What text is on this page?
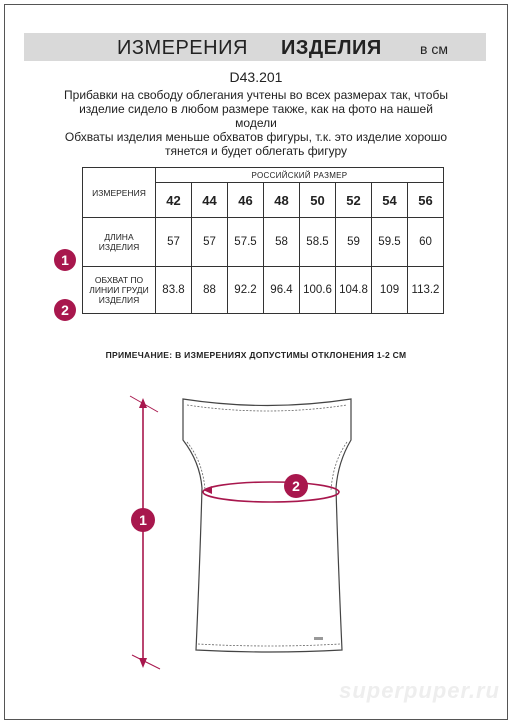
ИЗМЕРЕНИЯ ИЗДЕЛИЯ	в см
D43.201
Прибавки на свободу облегания учтены во всех размерах так, чтобы изделие сидело в любом размере также, как на фото на нашей модели
Обхваты изделия меньше обхватов фигуры, т.к. это изделие хорошо тянется и будет облегать фигуру
ИЗМЕРЕНИЯ	РОССИЙСКИЙ РАЗМЕР							
	42	44	46	48	50	52	54	56
ДЛИНА ИЗДЕЛИЯ	57	57	57.5	58	58.5	59	59.5	60
ОБХВАТ ПО ЛИНИИ ГРУДИ ИЗДЕЛИЯ	83.8	88	92.2	96.4	100.6	104.8	109	113.2
1
2
ПРИМЕЧАНИЕ: В ИЗМЕРЕНИЯХ ДОПУСТИМЫ ОТКЛОНЕНИЯ 1-2 СМ
1
2
superpuper.ru
